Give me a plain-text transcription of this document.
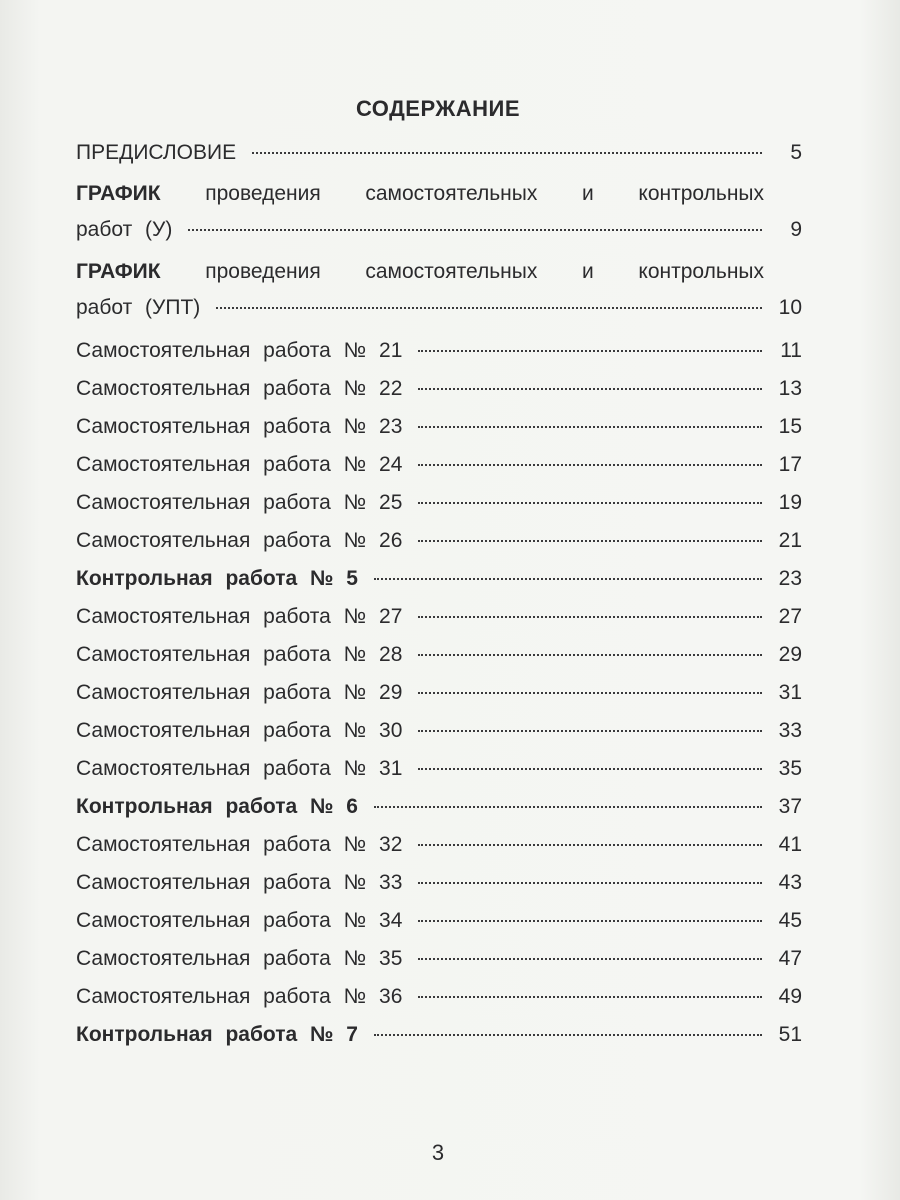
СОДЕРЖАНИЕ
ПРЕДИСЛОВИЕ	5
ГРАФИК проведения самостоятельных и контрольных
работ (У)	9
ГРАФИК проведения самостоятельных и контрольных
работ (УПТ)	10
Самостоятельная работа № 21	11
Самостоятельная работа № 22	13
Самостоятельная работа № 23	15
Самостоятельная работа № 24	17
Самостоятельная работа № 25	19
Самостоятельная работа № 26	21
Контрольная работа № 5	23
Самостоятельная работа № 27	27
Самостоятельная работа № 28	29
Самостоятельная работа № 29	31
Самостоятельная работа № 30	33
Самостоятельная работа № 31	35
Контрольная работа № 6	37
Самостоятельная работа № 32	41
Самостоятельная работа № 33	43
Самостоятельная работа № 34	45
Самостоятельная работа № 35	47
Самостоятельная работа № 36	49
Контрольная работа № 7	51
3
